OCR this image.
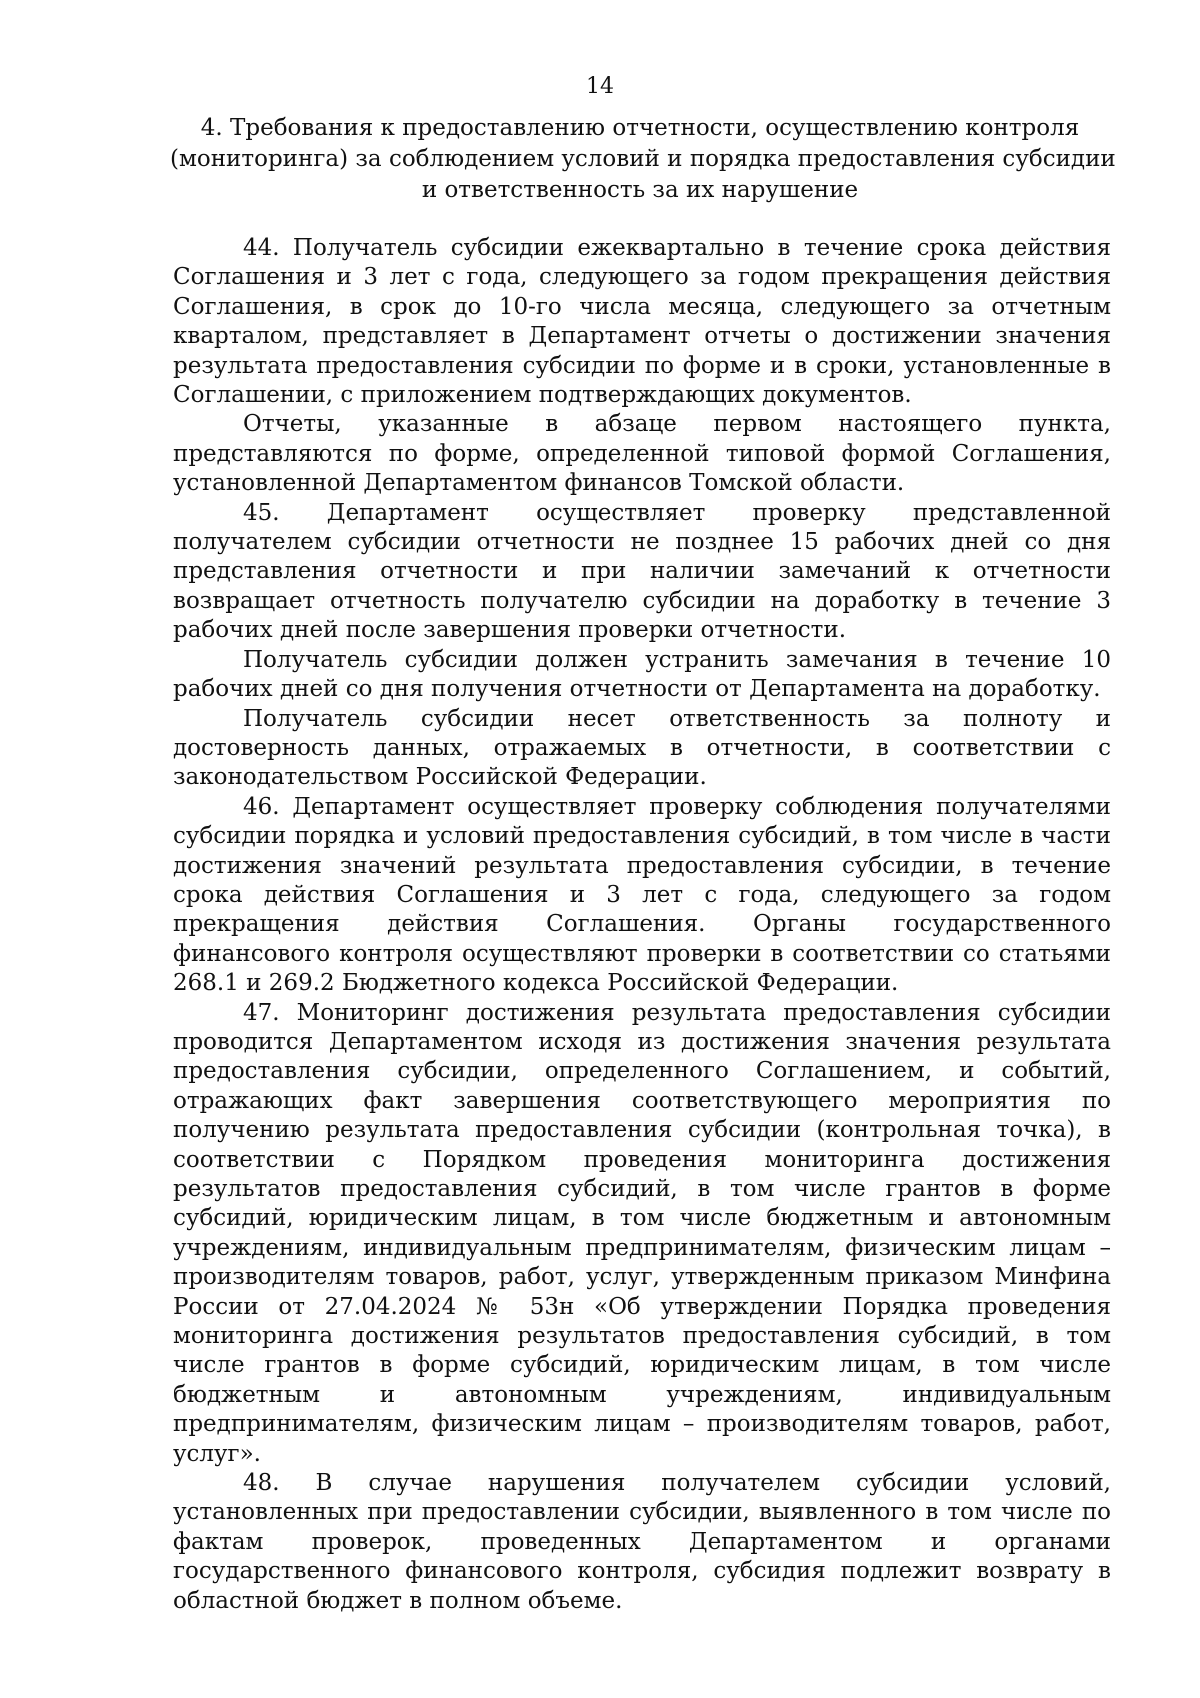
14
4. Требования к предоставлению отчетности, осуществлению контроля
(мониторинга) за соблюдением условий и порядка предоставления субсидии
и ответственность за их нарушение

44. Получатель субсидии ежеквартально в течение срока действия Соглашения и 3 лет с года, следующего за годом прекращения действия Соглашения, в срок до 10-го числа месяца, следующего за отчетным кварталом, представляет в Департамент отчеты о достижении значения результата предоставления субсидии по форме и в сроки, установленные в Соглашении, с приложением подтверждающих документов.

Отчеты, указанные в абзаце первом настоящего пункта, представляются по форме, определенной типовой формой Соглашения, установленной Департаментом финансов Томской области.

45. Департамент осуществляет проверку представленной получателем субсидии отчетности не позднее 15 рабочих дней со дня представления отчетности и при наличии замечаний к отчетности возвращает отчетность получателю субсидии на доработку в течение 3 рабочих дней после завершения проверки отчетности.

Получатель субсидии должен устранить замечания в течение 10 рабочих дней со дня получения отчетности от Департамента на доработку.

Получатель субсидии несет ответственность за полноту и достоверность данных, отражаемых в отчетности, в соответствии с законодательством Российской Федерации.

46. Департамент осуществляет проверку соблюдения получателями субсидии порядка и условий предоставления субсидий, в том числе в части достижения значений результата предоставления субсидии, в течение срока действия Соглашения и 3 лет с года, следующего за годом прекращения действия Соглашения. Органы государственного финансового контроля осуществляют проверки в соответствии со статьями 268.1 и 269.2 Бюджетного кодекса Российской Федерации.

47. Мониторинг достижения результата предоставления субсидии проводится Департаментом исходя из достижения значения результата предоставления субсидии, определенного Соглашением, и событий, отражающих факт завершения соответствующего мероприятия по получению результата предоставления субсидии (контрольная точка), в соответствии с Порядком проведения мониторинга достижения результатов предоставления субсидий, в том числе грантов в форме субсидий, юридическим лицам, в том числе бюджетным и автономным учреждениям, индивидуальным предпринимателям, физическим лицам – производителям товаров, работ, услуг, утвержденным приказом Минфина России от 27.04.2024 № 53н «Об утверждении Порядка проведения мониторинга достижения результатов предоставления субсидий, в том числе грантов в форме субсидий, юридическим лицам, в том числе бюджетным и автономным учреждениям, индивидуальным предпринимателям, физическим лицам – производителям товаров, работ, услуг».

48. В случае нарушения получателем субсидии условий, установленных при предоставлении субсидии, выявленного в том числе по фактам проверок, проведенных Департаментом и органами государственного финансового контроля, субсидия подлежит возврату в областной бюджет в полном объеме.
